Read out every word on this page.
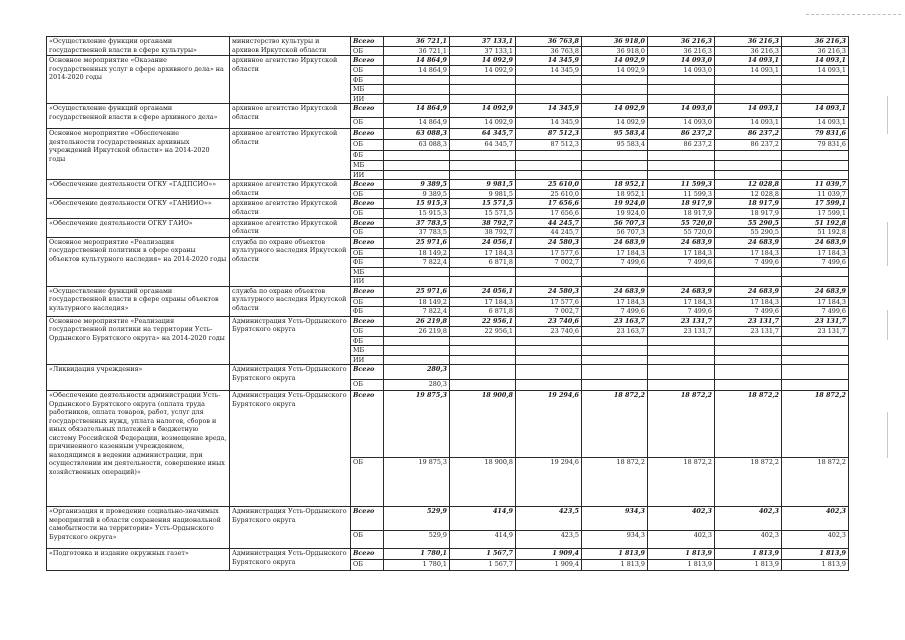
«Осуществление функции органами государственной власти в сфере культуры»	министерство культуры и архивов Иркутской области	Всего	36 721,1	37 133,1	36 763,8	36 918,0	36 216,3	36 216,3	36 216,3
		ОБ	36 721,1	37 133,1	36 763,8	36 918,0	36 216,3	36 216,3	36 216,3
Основное мероприятие «Оказание государственных услуг в сфере архивного дела» на 2014-2020 годы	архивное агентство Иркутской области	Всего	14 864,9	14 092,9	14 345,9	14 092,9	14 093,0	14 093,1	14 093,1
		ОБ	14 864,9	14 092,9	14 345,9	14 092,9	14 093,0	14 093,1	14 093,1
		ФБ							
		МБ							
		ИИ							
«Осуществление функций органами государственной власти в сфере архивного дела»	архивное агентство Иркутской области	Всего	14 864,9	14 092,9	14 345,9	14 092,9	14 093,0	14 093,1	14 093,1
		ОБ	14 864,9	14 092,9	14 345,9	14 092,9	14 093,0	14 093,1	14 093,1
Основное мероприятие «Обеспечение деятельности государственных архивных учреждений Иркутской области» на 2014-2020 годы	архивное агентство Иркутской области	Всего	63 088,3	64 345,7	87 512,3	95 583,4	86 237,2	86 237,2	79 831,6
		ОБ	63 088,3	64 345,7	87 512,3	95 583,4	86 237,2	86 237,2	79 831,6
		ФБ							
		МБ							
		ИИ							
«Обеспечение деятельности ОГКУ «ГАДПСИО»»	архивное агентство Иркутской области	Всего	9 389,5	9 981,5	25 610,0	18 952,1	11 599,3	12 028,8	11 039,7
		ОБ	9 389,5	9 981,5	25 610,0	18 952,1	11 599,3	12 028,8	11 039,7
«Обеспечение деятельности ОГКУ «ГАНИИО»»	архивное агентство Иркутской области	Всего	15 915,3	15 571,5	17 656,6	19 924,0	18 917,9	18 917,9	17 599,1
		ОБ	15 915,3	15 571,5	17 656,6	19 924,0	18 917,9	18 917,9	17 599,1
«Обеспечение деятельности ОГКУ ГАИО»	архивное агентство Иркутской области	Всего	37 783,5	38 792,7	44 245,7	56 707,3	55 720,0	55 290,5	51 192,8
		ОБ	37 783,5	38 792,7	44 245,7	56 707,3	55 720,0	55 290,5	51 192,8
Основное мероприятие «Реализация государственной политики в сфере охраны объектов культурного наследия» на 2014-2020 годы	служба по охране объектов культурного наследия Иркутской области	Всего	25 971,6	24 056,1	24 580,3	24 683,9	24 683,9	24 683,9	24 683,9
		ОБ	18 149,2	17 184,3	17 577,6	17 184,3	17 184,3	17 184,3	17 184,3
		ФБ	7 822,4	6 871,8	7 002,7	7 499,6	7 499,6	7 499,6	7 499,6
		МБ							
		ИИ							
«Осуществление функций органами государственной власти в сфере охраны объектов культурного наследия»	служба по охране объектов культурного наследия Иркутской области	Всего	25 971,6	24 056,1	24 580,3	24 683,9	24 683,9	24 683,9	24 683,9
		ОБ	18 149,2	17 184,3	17 577,6	17 184,3	17 184,3	17 184,3	17 184,3
		ФБ	7 822,4	6 871,8	7 002,7	7 499,6	7 499,6	7 499,6	7 499,6
Основное мероприятие «Реализация государственной политики на территории Усть-Ордынского Бурятского округа» на 2014-2020 годы	Администрация Усть-Ордынского Бурятского округа	Всего	26 219,8	22 956,1	23 740,6	23 163,7	23 131,7	23 131,7	23 131,7
		ОБ	26 219,8	22 956,1	23 740,6	23 163,7	23 131,7	23 131,7	23 131,7
		ФБ							
		МБ							
		ИИ							
«Ликвидация учреждения»	Администрация Усть-Ордынского Бурятского округа	Всего	280,3						
		ОБ	280,3						
«Обеспечение деятельности администрации Усть-Ордынского Бурятского округа (оплата труда работников, оплата товаров, работ, услуг для государственных нужд, уплата налогов, сборов и иных обязательных платежей в бюджетную систему Российской Федерации, возмещение вреда, причиненного казенным учреждением, находящимся в ведении администрации, при осуществлении им деятельности, совершение иных хозяйственных операций)»	Администрация Усть-Ордынского Бурятского округа	Всего	19 875,3	18 900,8	19 294,6	18 872,2	18 872,2	18 872,2	18 872,2
		ОБ	19 875,3	18 900,8	19 294,6	18 872,2	18 872,2	18 872,2	18 872,2
«Организация и проведение социально-значимых мероприятий в области сохранения национальной самобытности на территории» Усть-Ордынского Бурятского округа»	Администрация Усть-Ордынского Бурятского округа	Всего	529,9	414,9	423,5	934,3	402,3	402,3	402,3
		ОБ	529,9	414,9	423,5	934,3	402,3	402,3	402,3
«Подготовка и издание окружных газет»	Администрация Усть-Ордынского Бурятского округа	Всего	1 780,1	1 567,7	1 909,4	1 813,9	1 813,9	1 813,9	1 813,9
		ОБ	1 780,1	1 567,7	1 909,4	1 813,9	1 813,9	1 813,9	1 813,9
